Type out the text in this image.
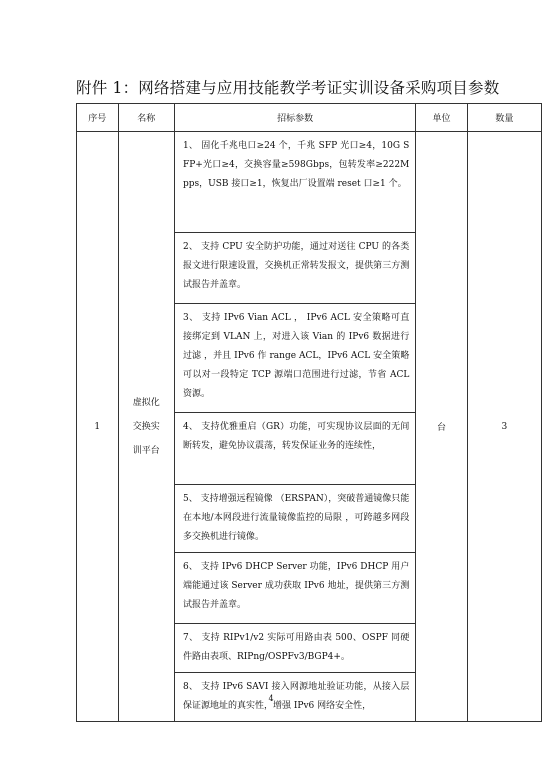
附件 1：网络搭建与应用技能教学考证实训设备采购项目参数
序号	名称	招标参数	单位	数量
1	虚拟化
交换实
训平台	1、 固化千兆电口≥24 个，千兆 SFP 光口≥4，10G SFP+光口≥4，交换容量≥598Gbps，包转发率≥222Mpps，USB 接口≥1，恢复出厂设置端 reset 口≥1 个。	台	3
		2、 支持 CPU 安全防护功能，通过对送往 CPU 的各类报文进行限速设置，交换机正常转发报文，提供第三方测试报告并盖章。		
		3、 支持 IPv6 Vian ACL ， IPv6 ACL 安全策略可直接绑定到 VLAN 上，对进入该 Vian 的 IPv6 数据进行过滤 ，并且 IPv6 作 range ACL，IPv6 ACL 安全策略可以对一段特定 TCP 源端口范围进行过滤，节省 ACL 资源。		
		4、 支持优雅重启（GR）功能，可实现协议层面的无间断转发，避免协议震荡，转发保证业务的连续性，		
		5、 支持增强远程镜像 （ERSPAN），突破普通镜像只能在本地/本网段进行流量镜像监控的局限 ，可跨越多网段多交换机进行镜像。		
		6、 支持 IPv6 DHCP Server 功能，IPv6 DHCP 用户端能通过该 Server 成功获取 IPv6 地址，提供第三方测试报告并盖章。		
		7、 支持 RIPv1/v2 实际可用路由表 500、OSPF 同硬件路由表项、RIPng/OSPFv3/BGP4+。		
		8、 支持 IPv6 SAVI 接入网源地址验证功能，从接入层保证源地址的真实性，增强 IPv6 网络安全性，		
4
